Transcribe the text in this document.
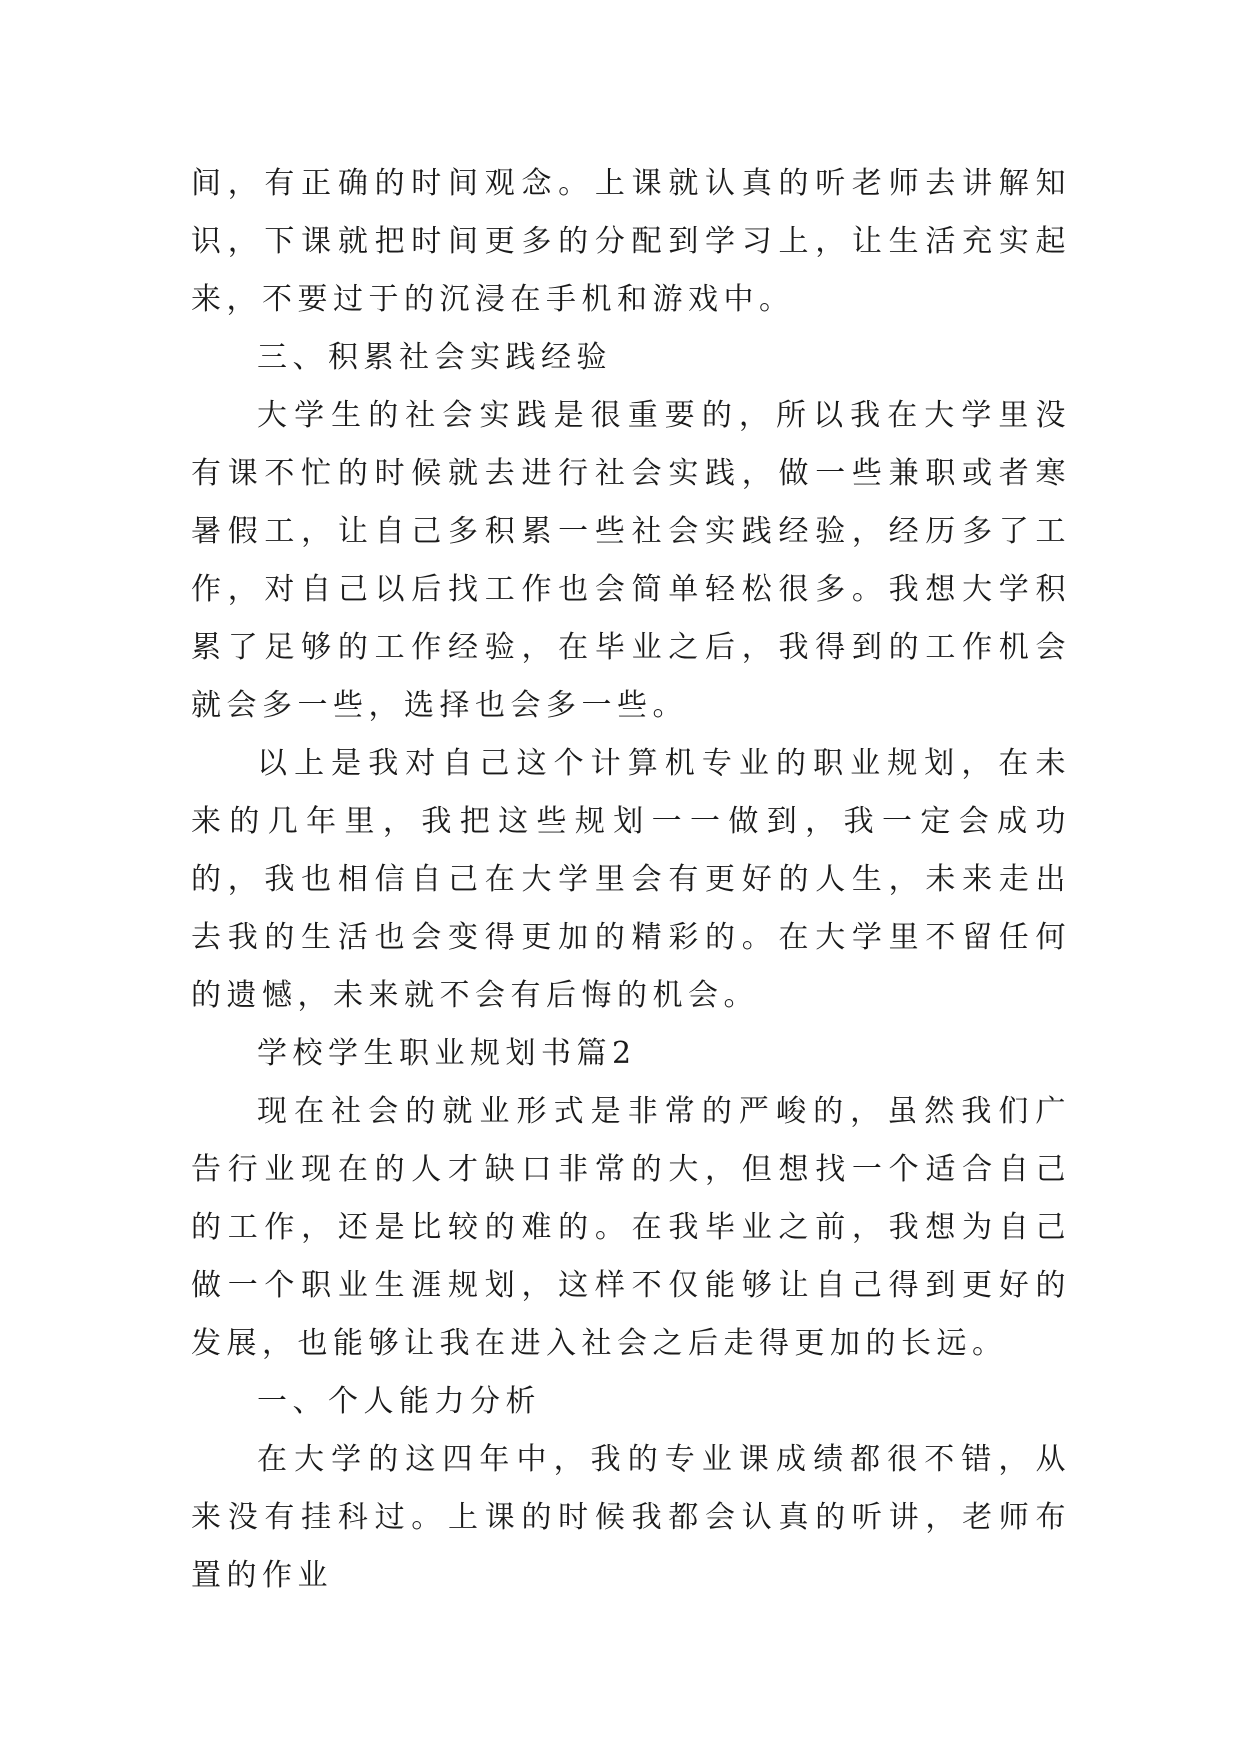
间，有正确的时间观念。上课就认真的听老师去讲解知识，下课就把时间更多的分配到学习上，让生活充实起来，不要过于的沉浸在手机和游戏中。

三、积累社会实践经验

大学生的社会实践是很重要的，所以我在大学里没有课不忙的时候就去进行社会实践，做一些兼职或者寒暑假工，让自己多积累一些社会实践经验，经历多了工作，对自己以后找工作也会简单轻松很多。我想大学积累了足够的工作经验，在毕业之后，我得到的工作机会就会多一些，选择也会多一些。

以上是我对自己这个计算机专业的职业规划，在未来的几年里，我把这些规划一一做到，我一定会成功的，我也相信自己在大学里会有更好的人生，未来走出去我的生活也会变得更加的精彩的。在大学里不留任何的遗憾，未来就不会有后悔的机会。

学校学生职业规划书篇2

现在社会的就业形式是非常的严峻的，虽然我们广告行业现在的人才缺口非常的大，但想找一个适合自己的工作，还是比较的难的。在我毕业之前，我想为自己做一个职业生涯规划，这样不仅能够让自己得到更好的发展，也能够让我在进入社会之后走得更加的长远。

一、个人能力分析

在大学的这四年中，我的专业课成绩都很不错，从来没有挂科过。上课的时候我都会认真的听讲，老师布置的作业
